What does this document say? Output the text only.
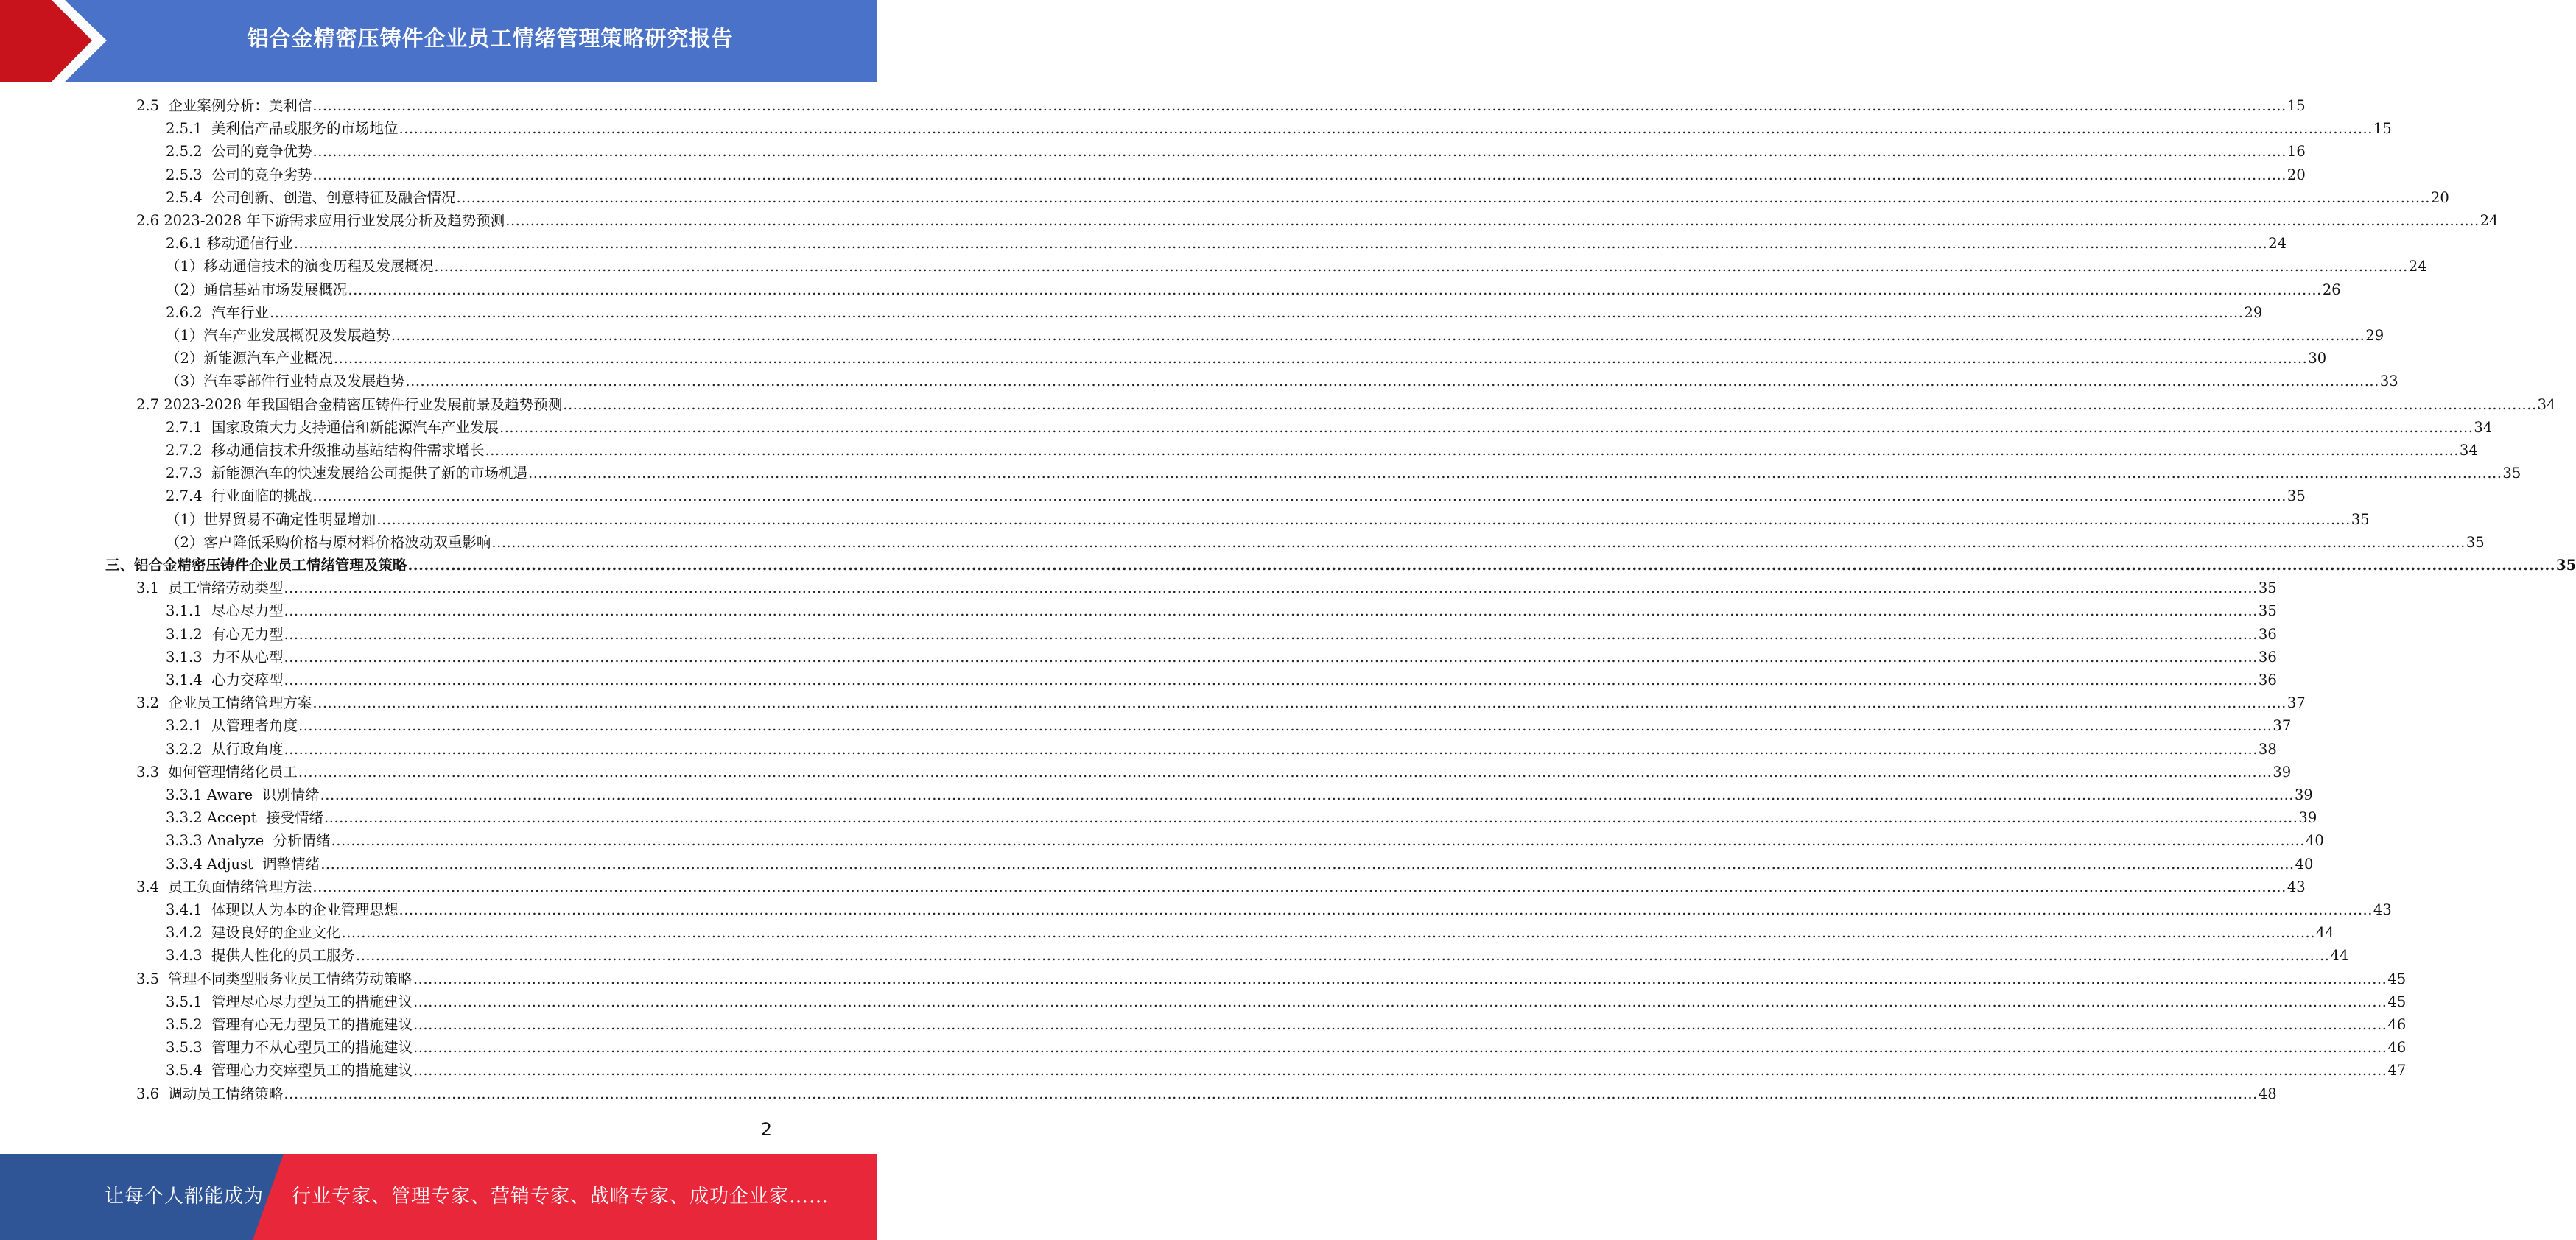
铝合金精密压铸件企业员工情绪管理策略研究报告
2.5  企业案例分析：美利信 ................................................................................................................................................................................................................................................................................................................................................................................................................ 15
2.5.1  美利信产品或服务的市场地位 ................................................................................................................................................................................................................................................................................................................................................................................................................ 15
2.5.2  公司的竞争优势 ................................................................................................................................................................................................................................................................................................................................................................................................................ 16
2.5.3  公司的竞争劣势 ................................................................................................................................................................................................................................................................................................................................................................................................................ 20
2.5.4  公司创新、创造、创意特征及融合情况 ................................................................................................................................................................................................................................................................................................................................................................................................................ 20
2.6 2023-2028 年下游需求应用行业发展分析及趋势预测 ................................................................................................................................................................................................................................................................................................................................................................................................................ 24
2.6.1 移动通信行业 ................................................................................................................................................................................................................................................................................................................................................................................................................ 24
（1）移动通信技术的演变历程及发展概况 ................................................................................................................................................................................................................................................................................................................................................................................................................ 24
（2）通信基站市场发展概况 ................................................................................................................................................................................................................................................................................................................................................................................................................ 26
2.6.2  汽车行业 ................................................................................................................................................................................................................................................................................................................................................................................................................ 29
（1）汽车产业发展概况及发展趋势 ................................................................................................................................................................................................................................................................................................................................................................................................................ 29
（2）新能源汽车产业概况 ................................................................................................................................................................................................................................................................................................................................................................................................................ 30
（3）汽车零部件行业特点及发展趋势 ................................................................................................................................................................................................................................................................................................................................................................................................................ 33
2.7 2023-2028 年我国铝合金精密压铸件行业发展前景及趋势预测 ................................................................................................................................................................................................................................................................................................................................................................................................................ 34
2.7.1  国家政策大力支持通信和新能源汽车产业发展 ................................................................................................................................................................................................................................................................................................................................................................................................................ 34
2.7.2  移动通信技术升级推动基站结构件需求增长 ................................................................................................................................................................................................................................................................................................................................................................................................................ 34
2.7.3  新能源汽车的快速发展给公司提供了新的市场机遇 ................................................................................................................................................................................................................................................................................................................................................................................................................ 35
2.7.4  行业面临的挑战 ................................................................................................................................................................................................................................................................................................................................................................................................................ 35
（1）世界贸易不确定性明显增加 ................................................................................................................................................................................................................................................................................................................................................................................................................ 35
（2）客户降低采购价格与原材料价格波动双重影响 ................................................................................................................................................................................................................................................................................................................................................................................................................ 35
三、铝合金精密压铸件企业员工情绪管理及策略 ................................................................................................................................................................................................................................................................................................................................................................................................................ 35
3.1  员工情绪劳动类型 ................................................................................................................................................................................................................................................................................................................................................................................................................ 35
3.1.1  尽心尽力型 ................................................................................................................................................................................................................................................................................................................................................................................................................ 35
3.1.2  有心无力型 ................................................................................................................................................................................................................................................................................................................................................................................................................ 36
3.1.3  力不从心型 ................................................................................................................................................................................................................................................................................................................................................................................................................ 36
3.1.4  心力交瘁型 ................................................................................................................................................................................................................................................................................................................................................................................................................ 36
3.2  企业员工情绪管理方案 ................................................................................................................................................................................................................................................................................................................................................................................................................ 37
3.2.1  从管理者角度 ................................................................................................................................................................................................................................................................................................................................................................................................................ 37
3.2.2  从行政角度 ................................................................................................................................................................................................................................................................................................................................................................................................................ 38
3.3  如何管理情绪化员工 ................................................................................................................................................................................................................................................................................................................................................................................................................ 39
3.3.1 Aware  识别情绪 ................................................................................................................................................................................................................................................................................................................................................................................................................ 39
3.3.2 Accept  接受情绪 ................................................................................................................................................................................................................................................................................................................................................................................................................ 39
3.3.3 Analyze  分析情绪 ................................................................................................................................................................................................................................................................................................................................................................................................................ 40
3.3.4 Adjust  调整情绪 ................................................................................................................................................................................................................................................................................................................................................................................................................ 40
3.4  员工负面情绪管理方法 ................................................................................................................................................................................................................................................................................................................................................................................................................ 43
3.4.1  体现以人为本的企业管理思想 ................................................................................................................................................................................................................................................................................................................................................................................................................ 43
3.4.2  建设良好的企业文化 ................................................................................................................................................................................................................................................................................................................................................................................................................ 44
3.4.3  提供人性化的员工服务 ................................................................................................................................................................................................................................................................................................................................................................................................................ 44
3.5  管理不同类型服务业员工情绪劳动策略 ................................................................................................................................................................................................................................................................................................................................................................................................................ 45
3.5.1  管理尽心尽力型员工的措施建议 ................................................................................................................................................................................................................................................................................................................................................................................................................ 45
3.5.2  管理有心无力型员工的措施建议 ................................................................................................................................................................................................................................................................................................................................................................................................................ 46
3.5.3  管理力不从心型员工的措施建议 ................................................................................................................................................................................................................................................................................................................................................................................................................ 46
3.5.4  管理心力交瘁型员工的措施建议 ................................................................................................................................................................................................................................................................................................................................................................................................................ 47
3.6  调动员工情绪策略 ................................................................................................................................................................................................................................................................................................................................................................................................................ 48
2
让每个人都能成为 行业专家、管理专家、营销专家、战略专家、成功企业家……
